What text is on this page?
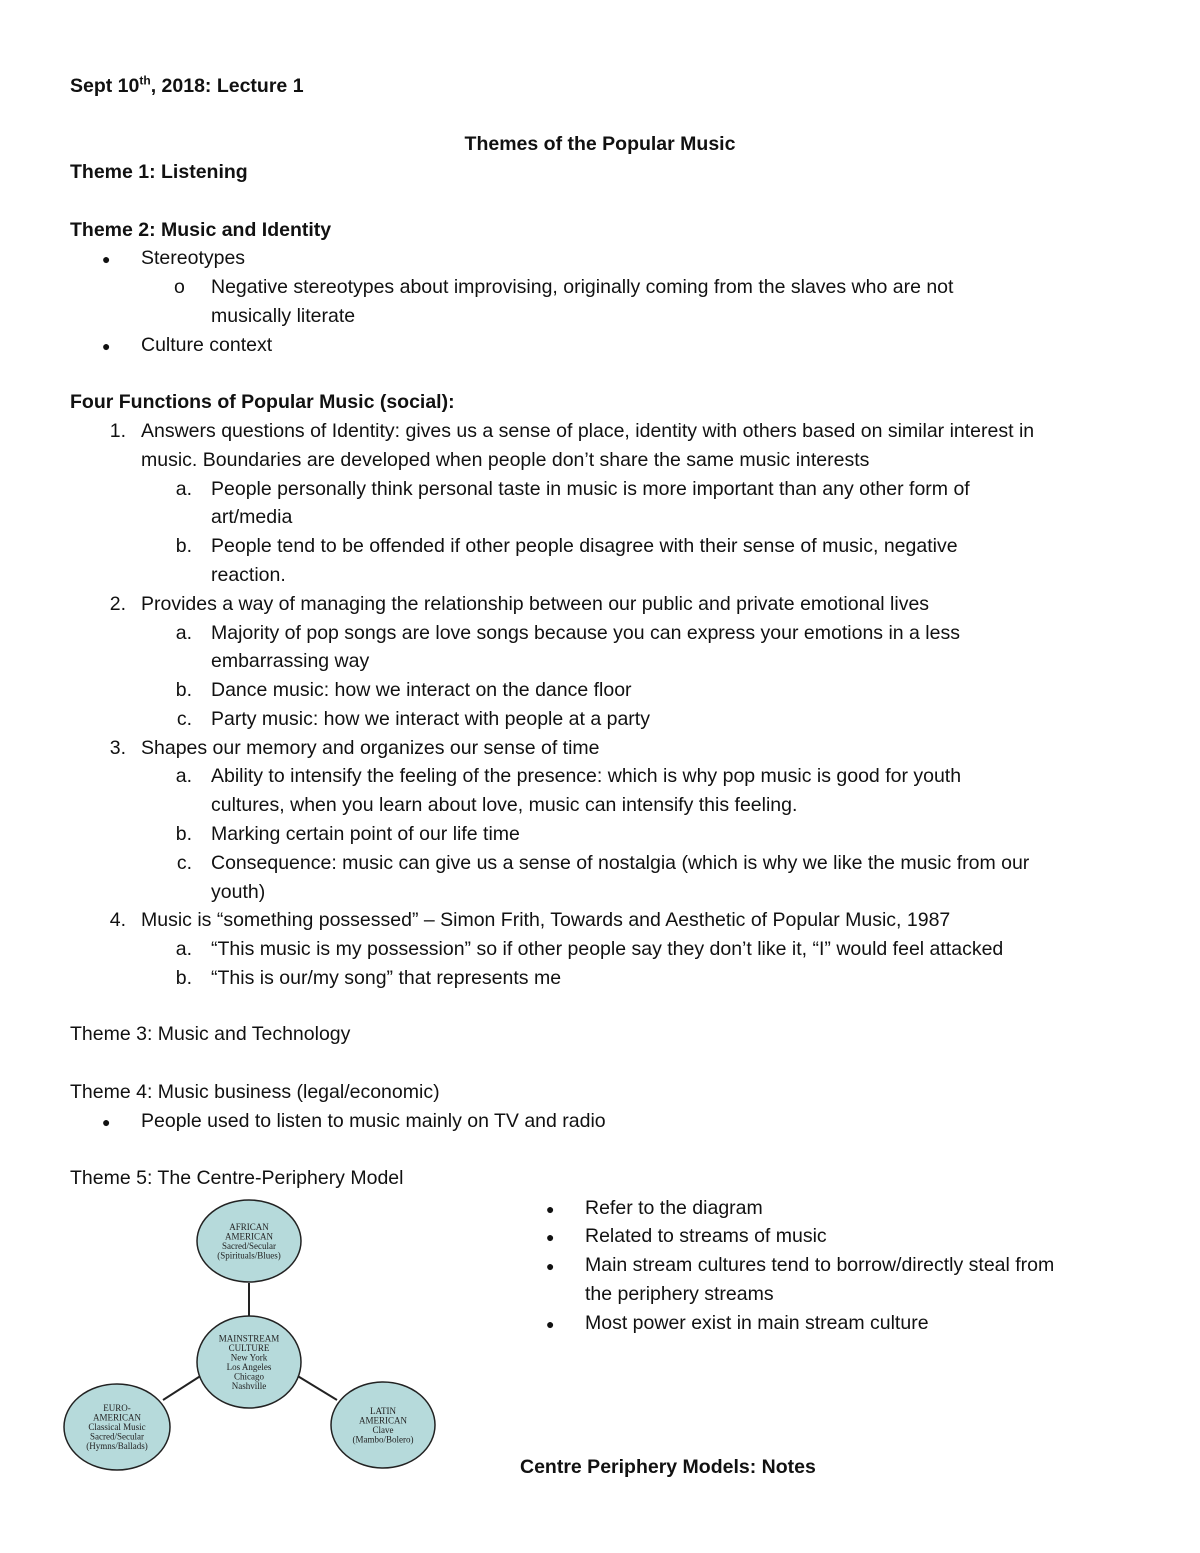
Sept 10th, 2018: Lecture 1
Themes of the Popular Music
Theme 1: Listening
Theme 2: Music and Identity
● Stereotypes
o Negative stereotypes about improvising, originally coming from the slaves who are not
musically literate
● Culture context
Four Functions of Popular Music (social):
1. Answers questions of Identity: gives us a sense of place, identity with others based on similar interest in
music. Boundaries are developed when people don’t share the same music interests
a. People personally think personal taste in music is more important than any other form of
art/media
b. People tend to be offended if other people disagree with their sense of music, negative
reaction.
2. Provides a way of managing the relationship between our public and private emotional lives
a. Majority of pop songs are love songs because you can express your emotions in a less
embarrassing way
b. Dance music: how we interact on the dance floor
c. Party music: how we interact with people at a party
3. Shapes our memory and organizes our sense of time
a. Ability to intensify the feeling of the presence: which is why pop music is good for youth
cultures, when you learn about love, music can intensify this feeling.
b. Marking certain point of our life time
c. Consequence: music can give us a sense of nostalgia (which is why we like the music from our
youth)
4. Music is “something possessed” – Simon Frith, Towards and Aesthetic of Popular Music, 1987
a. “This music is my possession” so if other people say they don’t like it, “I” would feel attacked
b. “This is our/my song” that represents me
Theme 3: Music and Technology
Theme 4: Music business (legal/economic)
● People used to listen to music mainly on TV and radio
Theme 5: The Centre-Periphery Model
● Refer to the diagram
● Related to streams of music
● Main stream cultures tend to borrow/directly steal from
the periphery streams
● Most power exist in main stream culture
Centre Periphery Models: Notes
AFRICAN AMERICAN Sacred/Secular (Spirituals/Blues)
MAINSTREAM CULTURE New York Los Angeles Chicago Nashville
EURO-AMERICAN Classical Music Sacred/Secular (Hymns/Ballads)
LATIN AMERICAN Clave (Mambo/Bolero)
